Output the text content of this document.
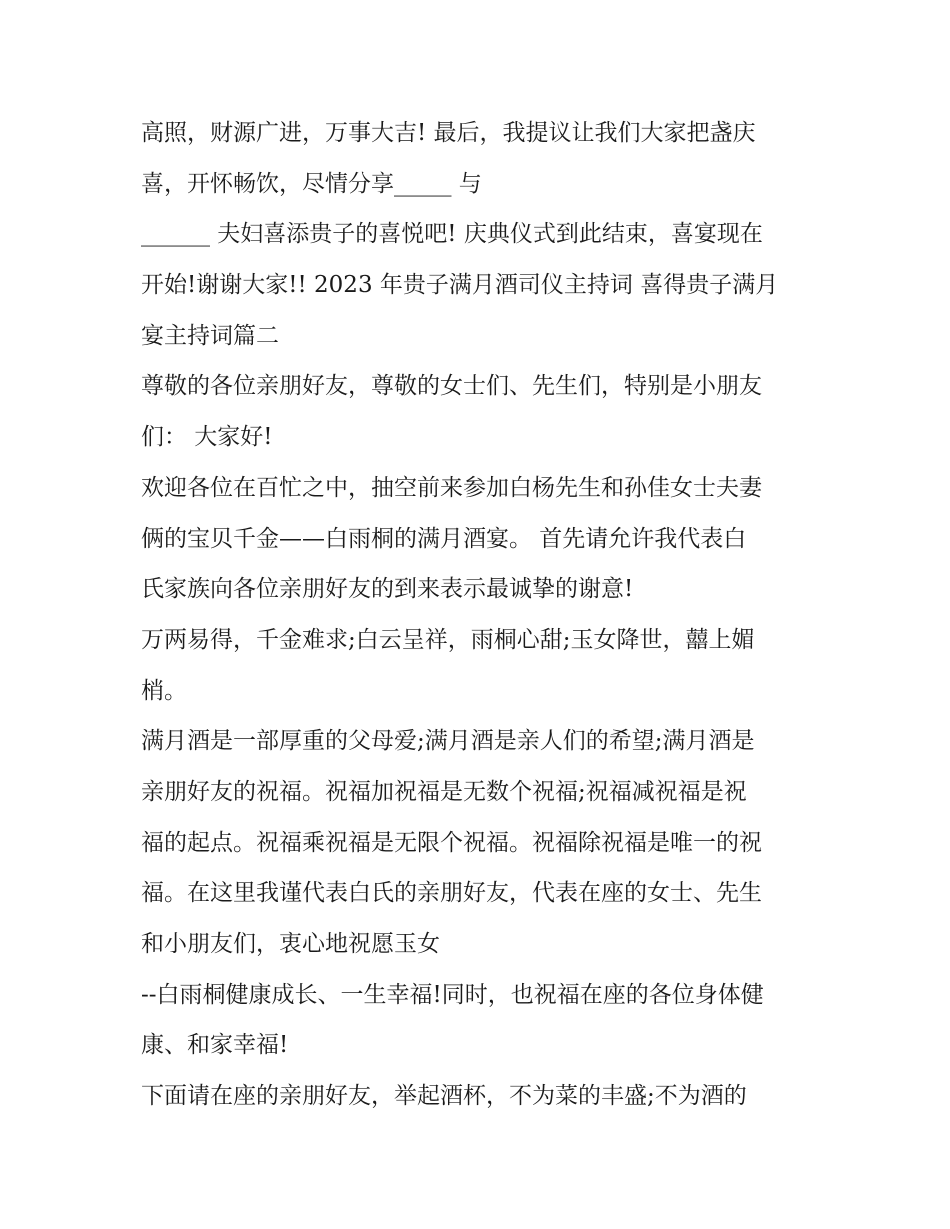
高照，财源广进，万事大吉! 最后，我提议让我们大家把盏庆
喜，开怀畅饮，尽情分享_____ 与
______ 夫妇喜添贵子的喜悦吧! 庆典仪式到此结束，喜宴现在
开始!谢谢大家!! 2023 年贵子满月酒司仪主持词 喜得贵子满月
宴主持词篇二
尊敬的各位亲朋好友，尊敬的女士们、先生们，特别是小朋友
们： 大家好!
欢迎各位在百忙之中，抽空前来参加白杨先生和孙佳女士夫妻
俩的宝贝千金——白雨桐的满月酒宴。 首先请允许我代表白
氏家族向各位亲朋好友的到来表示最诚挚的谢意!
万两易得，千金难求;白云呈祥，雨桐心甜;玉女降世，囍上媚
梢。
满月酒是一部厚重的父母爱;满月酒是亲人们的希望;满月酒是
亲朋好友的祝福。祝福加祝福是无数个祝福;祝福减祝福是祝
福的起点。祝福乘祝福是无限个祝福。祝福除祝福是唯一的祝
福。在这里我谨代表白氏的亲朋好友，代表在座的女士、先生
和小朋友们，衷心地祝愿玉女
--白雨桐健康成长、一生幸福!同时，也祝福在座的各位身体健
康、和家幸福!
下面请在座的亲朋好友，举起酒杯，不为菜的丰盛;不为酒的
